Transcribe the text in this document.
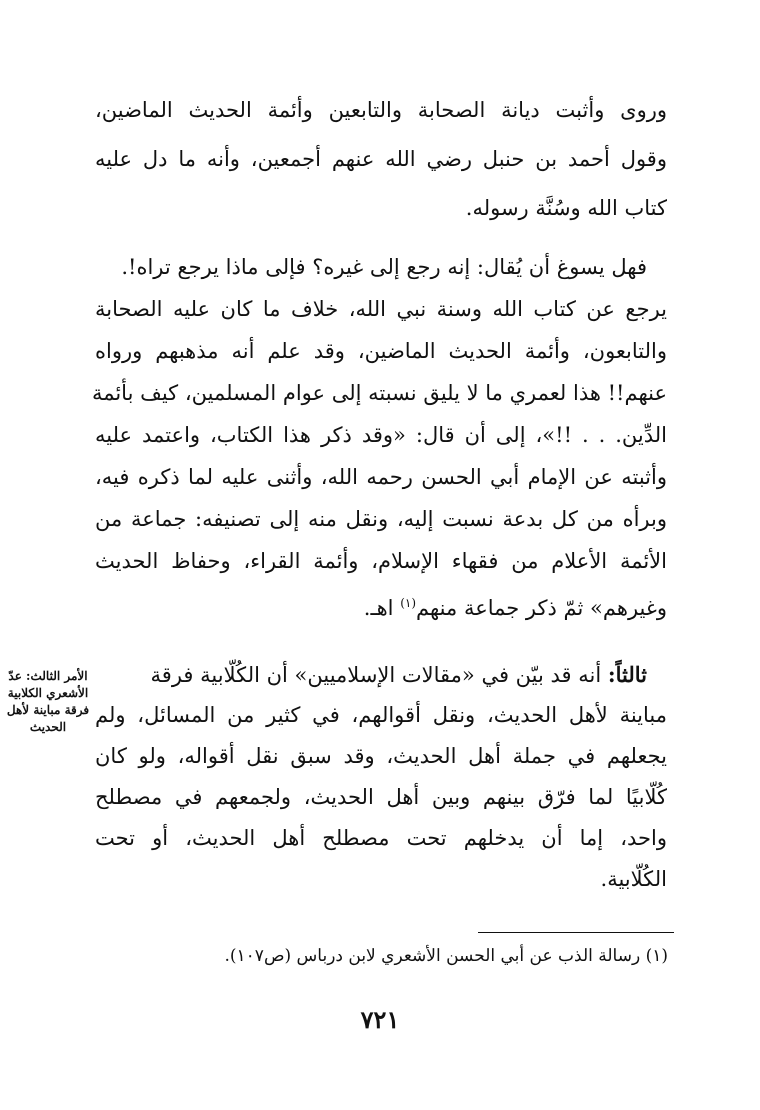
وروى وأثبت ديانة الصحابة والتابعين وأئمة الحديث الماضين،
وقول أحمد بن حنبل رضي الله عنهم أجمعين، وأنه ما دل عليه
كتاب الله وسُنَّة رسوله.
فهل يسوغ أن يُقال: إنه رجع إلى غيره؟ فإلى ماذا يرجع تراه!.
يرجع عن كتاب الله وسنة نبي الله، خلاف ما كان عليه الصحابة
والتابعون، وأئمة الحديث الماضين، وقد علم أنه مذهبهم ورواه
عنهم!! هذا لعمري ما لا يليق نسبته إلى عوام المسلمين، كيف بأئمة
الدِّين. . . !!»، إلى أن قال: «وقد ذكر هذا الكتاب، واعتمد عليه
وأثبته عن الإمام أبي الحسن رحمه الله، وأثنى عليه لما ذكره فيه،
وبرأه من كل بدعة نسبت إليه، ونقل منه إلى تصنيفه: جماعة من
الأئمة الأعلام من فقهاء الإسلام، وأئمة القراء، وحفاظ الحديث
وغيرهم» ثمّ ذكر جماعة منهم$^{(١)}$ اهـ.
ثالثاً: أنه قد بيّن في «مقالات الإسلاميين» أن الكُلّابية فرقة
مباينة لأهل الحديث، ونقل أقوالهم، في كثير من المسائل، ولم
يجعلهم في جملة أهل الحديث، وقد سبق نقل أقواله، ولو كان
كُلّابيًا لما فرّق بينهم وبين أهل الحديث، ولجمعهم في مصطلح
واحد، إما أن يدخلهم تحت مصطلح أهل الحديث، أو تحت
الكُلّابية.
الأمر الثالث: عدّ
الأشعري الكلابية
فرقة مباينة لأهل
الحديث
(١) رسالة الذب عن أبي الحسن الأشعري لابن درباس (ص١٠٧).
٧٢١
